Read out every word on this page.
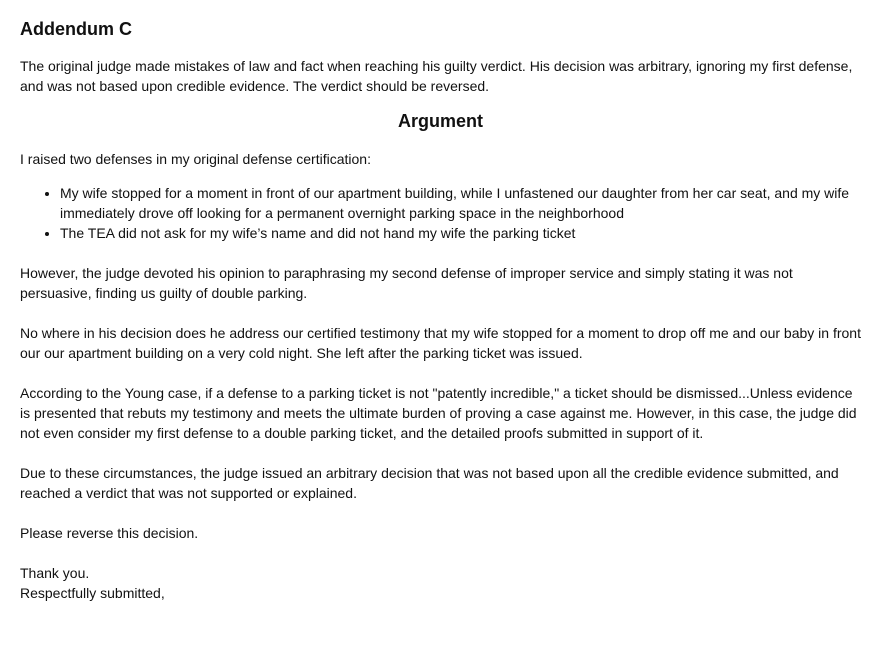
Addendum C

The original judge made mistakes of law and fact when reaching his guilty verdict. His decision was arbitrary, ignoring my first defense, and was not based upon credible evidence. The verdict should be reversed.

Argument

I raised two defenses in my original defense certification:

• My wife stopped for a moment in front of our apartment building, while I unfastened our daughter from her car seat, and my wife immediately drove off looking for a permanent overnight parking space in the neighborhood
• The TEA did not ask for my wife’s name and did not hand my wife the parking ticket

However, the judge devoted his opinion to paraphrasing my second defense of improper service and simply stating it was not persuasive, finding us guilty of double parking.

No where in his decision does he address our certified testimony that my wife stopped for a moment to drop off me and our baby in front our our apartment building on a very cold night. She left after the parking ticket was issued.

According to the Young case, if a defense to a parking ticket is not "patently incredible," a ticket should be dismissed...Unless evidence is presented that rebuts my testimony and meets the ultimate burden of proving a case against me. However, in this case, the judge did not even consider my first defense to a double parking ticket, and the detailed proofs submitted in support of it.

Due to these circumstances, the judge issued an arbitrary decision that was not based upon all the credible evidence submitted, and reached a verdict that was not supported or explained.

Please reverse this decision.

Thank you.

Respectfully submitted,
